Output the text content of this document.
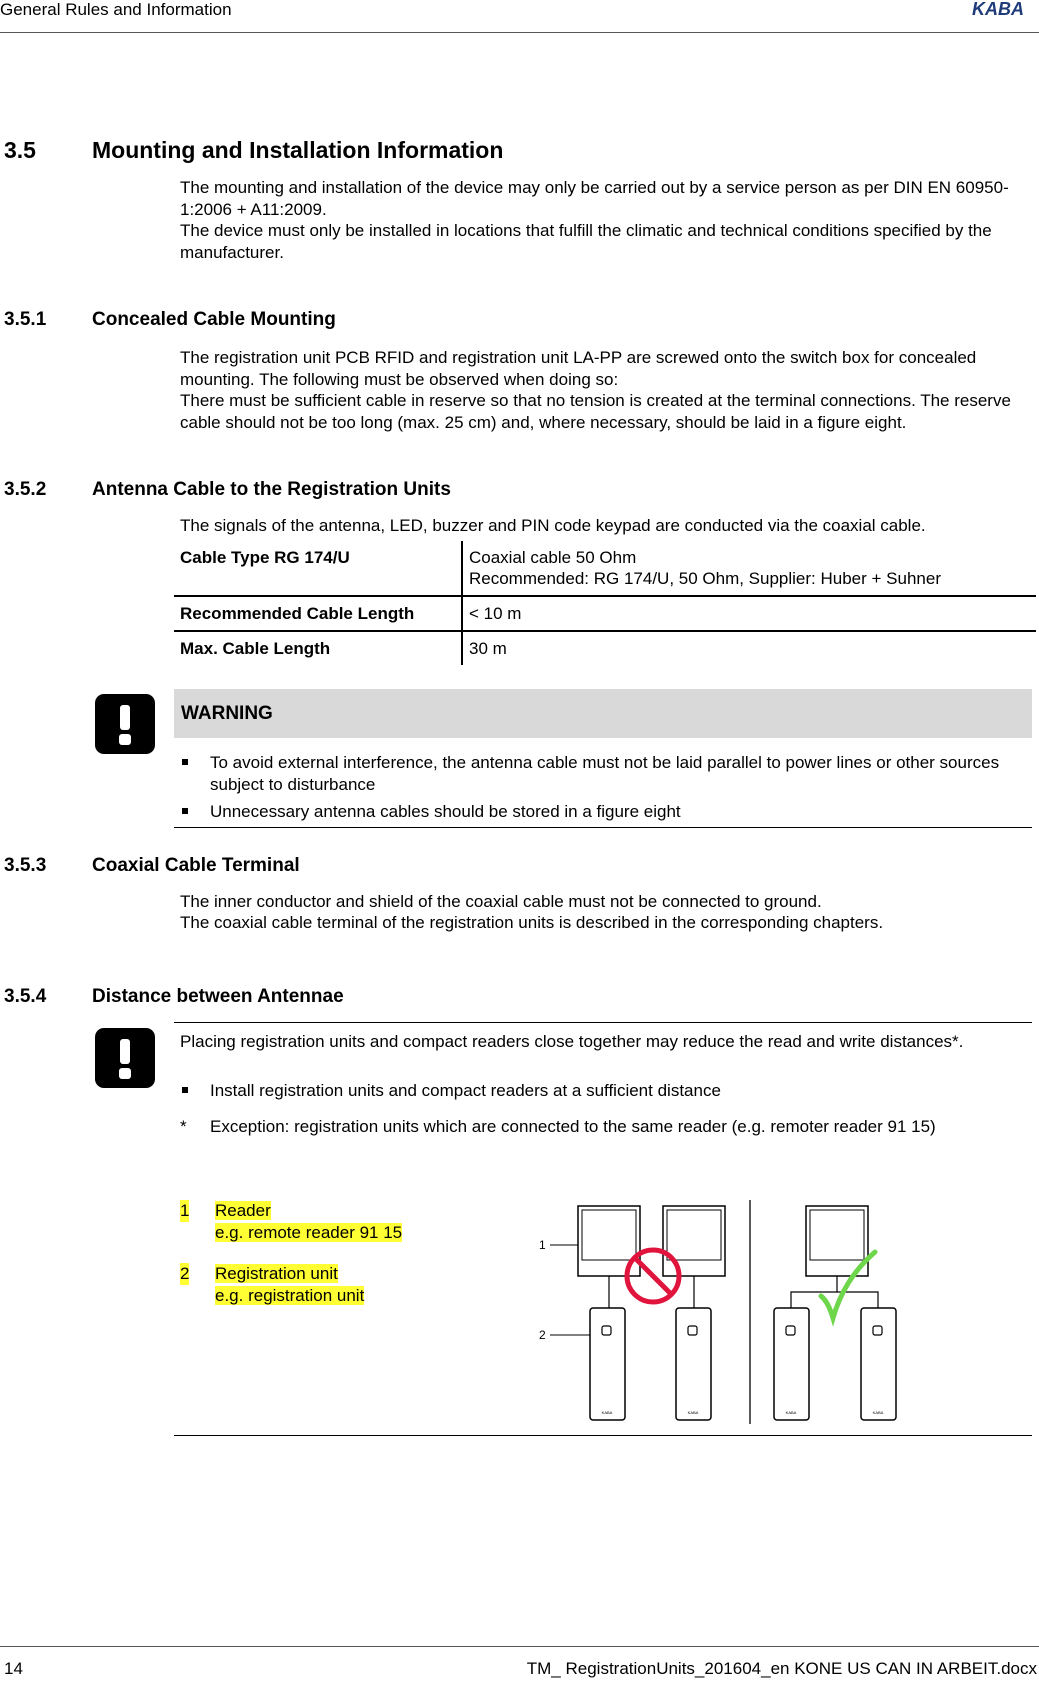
General Rules and Information	KABA
3.5 Mounting and Installation Information
The mounting and installation of the device may only be carried out by a service person as per DIN EN 60950-1:2006 + A11:2009.
The device must only be installed in locations that fulfill the climatic and technical conditions specified by the manufacturer.
3.5.1 Concealed Cable Mounting
The registration unit PCB RFID and registration unit LA-PP are screwed onto the switch box for concealed mounting. The following must be observed when doing so:
There must be sufficient cable in reserve so that no tension is created at the terminal connections. The reserve cable should not be too long (max. 25 cm) and, where necessary, should be laid in a figure eight.
3.5.2 Antenna Cable to the Registration Units
The signals of the antenna, LED, buzzer and PIN code keypad are conducted via the coaxial cable.
Cable Type RG 174/U	Coaxial cable 50 Ohm
Recommended: RG 174/U, 50 Ohm, Supplier: Huber + Suhner

Recommended Cable Length	< 10 m
Max. Cable Length	30 m
WARNING
To avoid external interference, the antenna cable must not be laid parallel to power lines or other sources subject to disturbance
Unnecessary antenna cables should be stored in a figure eight
3.5.3 Coaxial Cable Terminal
The inner conductor and shield of the coaxial cable must not be connected to ground.
The coaxial cable terminal of the registration units is described in the corresponding chapters.
3.5.4 Distance between Antennae
Placing registration units and compact readers close together may reduce the read and write distances*.
Install registration units and compact readers at a sufficient distance
* Exception: registration units which are connected to the same reader (e.g. remoter reader 91 15)
1 Reader
e.g. remote reader 91 15
2 Registration unit
e.g. registration unit
1
2
KABA	KABA	KABA	KABA
14	TM_ RegistrationUnits_201604_en KONE US CAN IN ARBEIT.docx
